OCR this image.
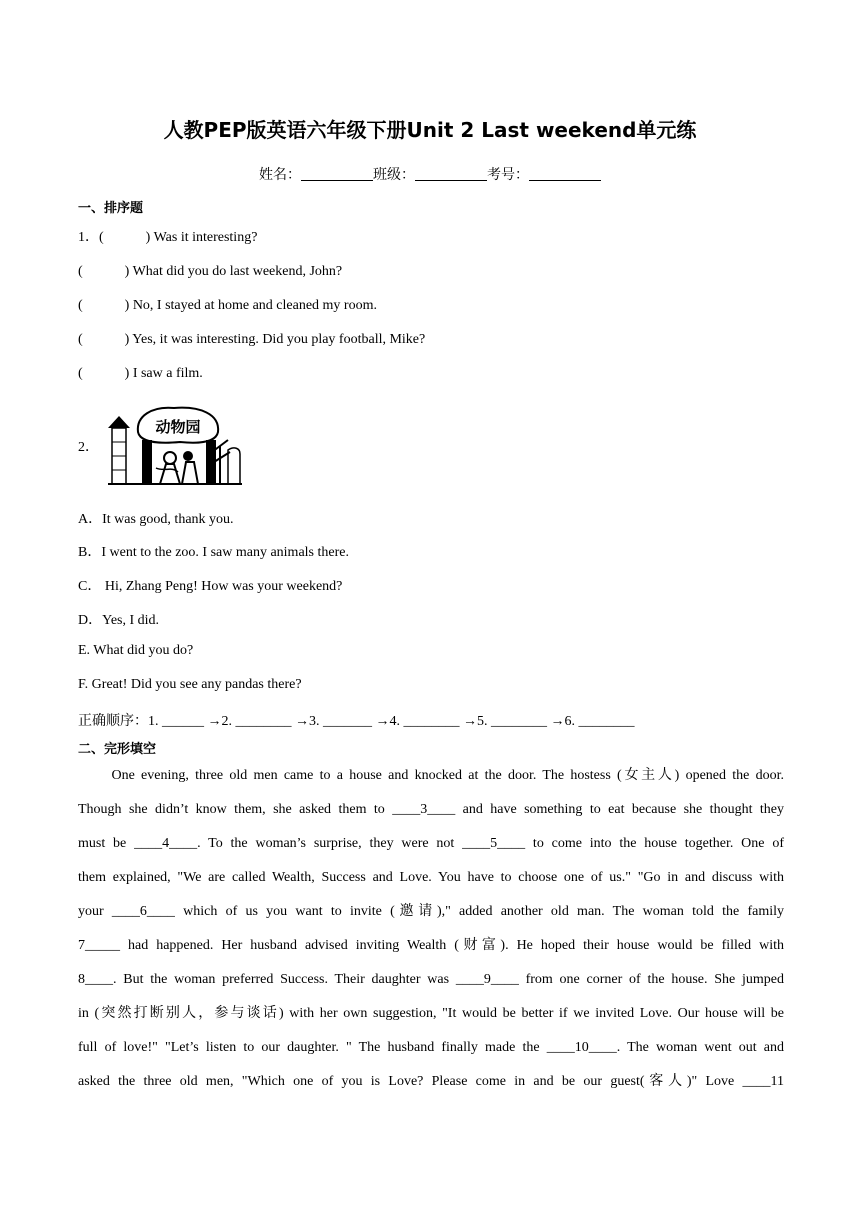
人教PEP版英语六年级下册Unit 2 Last weekend单元练
姓名：	班级：	考号：
一、排序题
1．(　　　) Was it interesting?
(　　　) What did you do last weekend, John?
(　　　) No, I stayed at home and cleaned my room.
(　　　) Yes, it was interesting. Did you play football, Mike?
(　　　) I saw a film.
2．
动物园
A．It was good, thank you.
B．I went to the zoo. I saw many animals there.
C． Hi, Zhang Peng! How was your weekend?
D．Yes, I did.
E. What did you do?
F. Great! Did you see any pandas there?
正确顺序：1. ______ →2. ________ →3. _______ →4. ________ →5. ________ →6. ________
二、完形填空
　　One evening, three old men came to a house and knocked at the door. The hostess (女主人) opened the door.
Though she didn’t know them, she asked them to ____3____ and have something to eat because she thought they
must be ____4____. To the woman’s surprise, they were not ____5____ to come into the house together. One of
them explained, "We are called Wealth, Success and Love. You have to choose one of us." "Go in and discuss with
your ____6____ which of us you want to invite (邀请)," added another old man. The woman told the family
7_____ had happened. Her husband advised inviting Wealth (财富). He hoped their house would be filled with
8____. But the woman preferred Success. Their daughter was ____9____ from one corner of the house. She jumped
in (突然打断别人，参与谈话) with her own suggestion, "It would be better if we invited Love. Our house will be
full of love!" "Let’s listen to our daughter. " The husband finally made the ____10____. The woman went out and
asked the three old men, "Which one of you is Love? Please come in and be our guest(客人)" Love ____11
